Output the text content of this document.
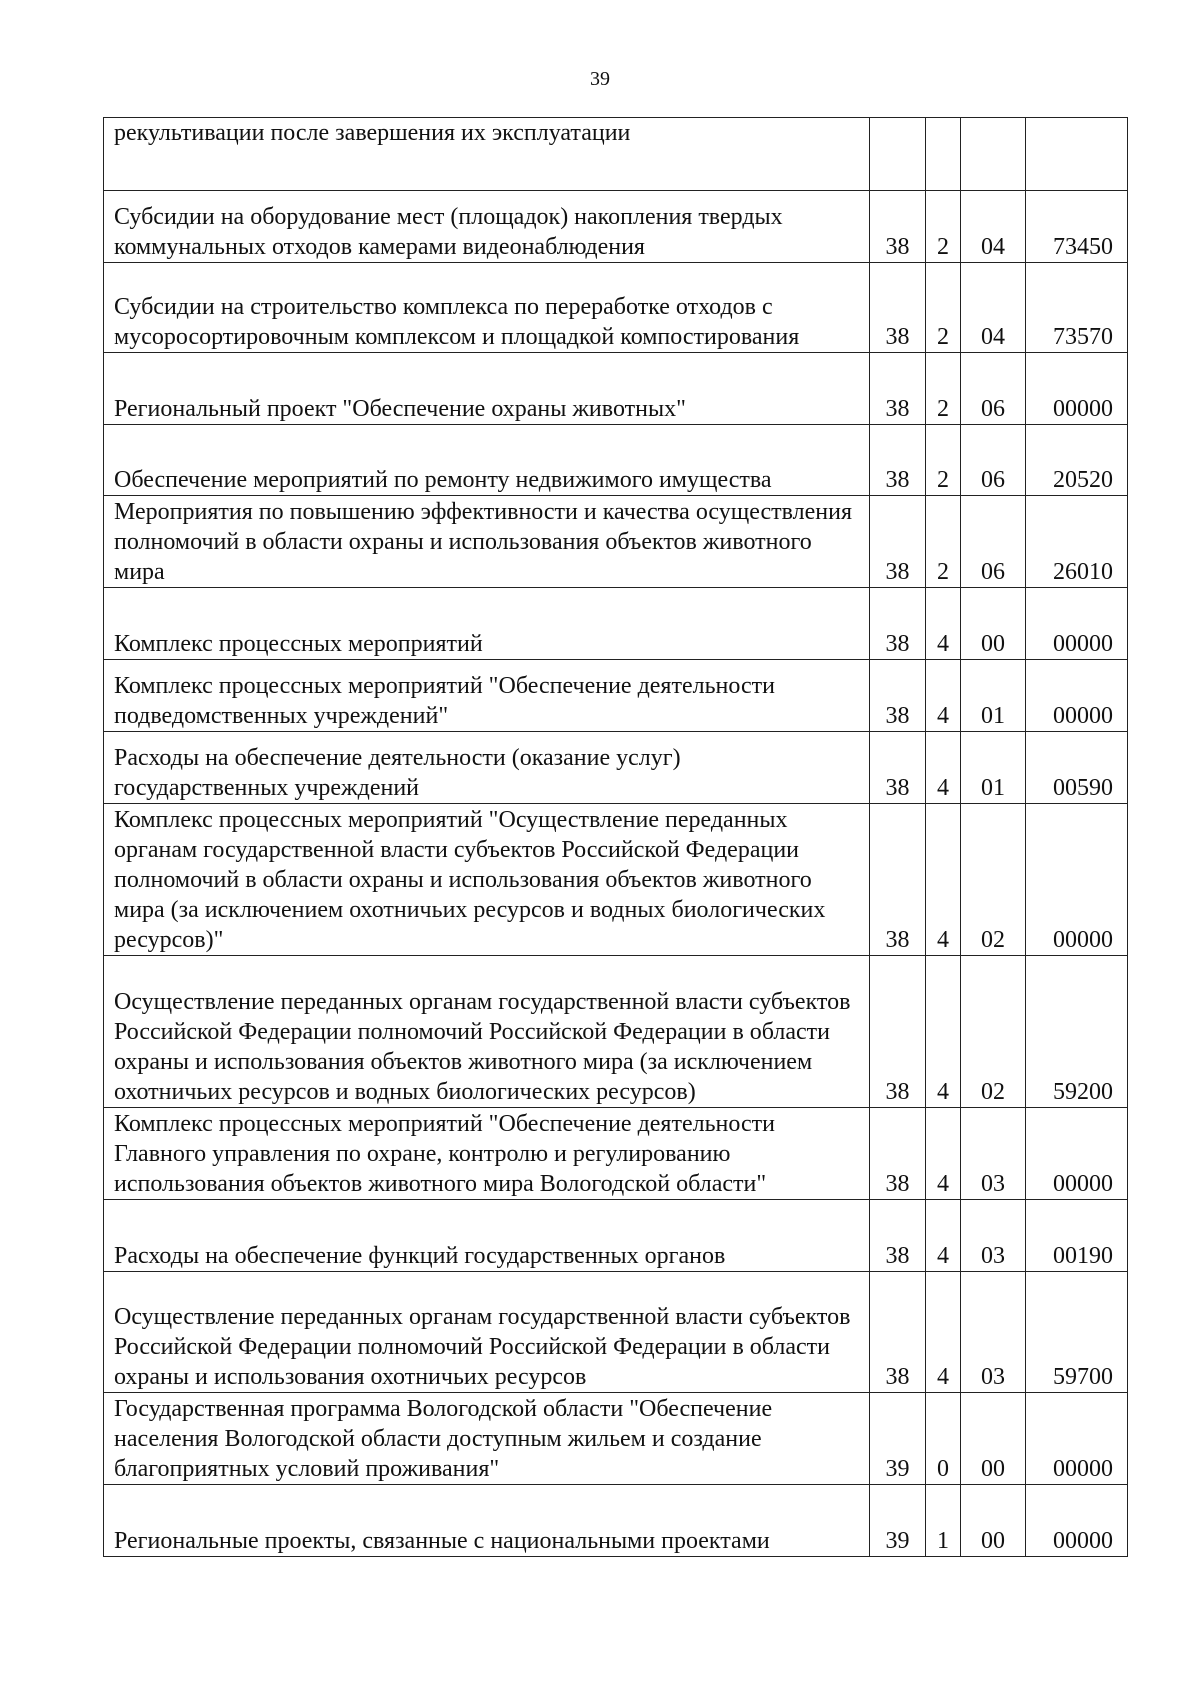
39
рекультивации после завершения их эксплуатации				
Субсидии на оборудование мест (площадок) накопления твердых коммунальных отходов камерами видеонаблюдения	38	2	04	73450
Субсидии на строительство комплекса по переработке отходов с мусоросортировочным комплексом и площадкой компостирования	38	2	04	73570
Региональный проект "Обеспечение охраны животных"	38	2	06	00000
Обеспечение мероприятий по ремонту недвижимого имущества	38	2	06	20520
Мероприятия по повышению эффективности и качества осуществления полномочий в области охраны и использования объектов животного мира	38	2	06	26010
Комплекс процессных мероприятий	38	4	00	00000
Комплекс процессных мероприятий "Обеспечение деятельности подведомственных учреждений"	38	4	01	00000
Расходы на обеспечение деятельности (оказание услуг) государственных учреждений	38	4	01	00590
Комплекс процессных мероприятий "Осуществление переданных органам государственной власти субъектов Российской Федерации полномочий в области охраны и использования объектов животного мира (за исключением охотничьих ресурсов и водных биологических ресурсов)"	38	4	02	00000
Осуществление переданных органам государственной власти субъектов Российской Федерации полномочий Российской Федерации в области охраны и использования объектов животного мира (за исключением охотничьих ресурсов и водных биологических ресурсов)	38	4	02	59200
Комплекс процессных мероприятий "Обеспечение деятельности Главного управления по охране, контролю и регулированию использования объектов животного мира Вологодской области"	38	4	03	00000
Расходы на обеспечение функций государственных органов	38	4	03	00190
Осуществление переданных органам государственной власти субъектов Российской Федерации полномочий Российской Федерации в области охраны и использования охотничьих ресурсов	38	4	03	59700
Государственная программа Вологодской области "Обеспечение населения Вологодской области доступным жильем и создание благоприятных условий проживания"	39	0	00	00000
Региональные проекты, связанные с национальными проектами	39	1	00	00000
